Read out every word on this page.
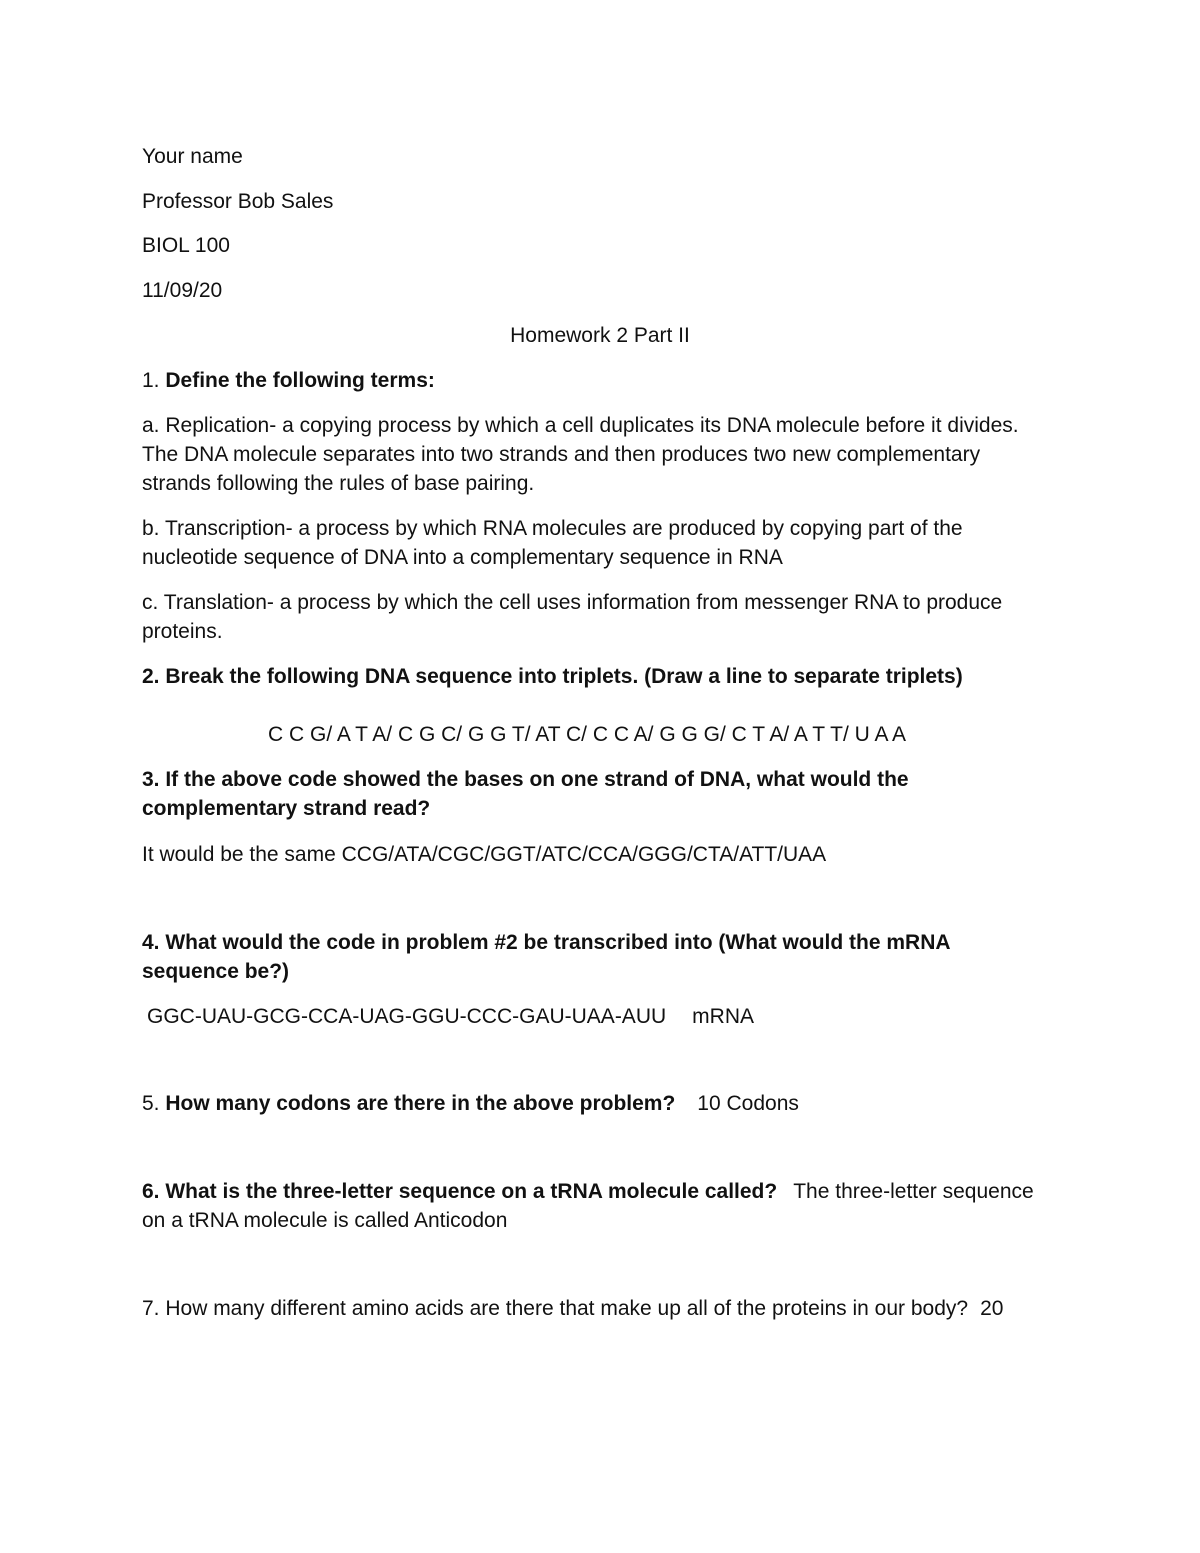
Your name
Professor Bob Sales
BIOL 100
11/09/20
Homework 2 Part II
1. Define the following terms:
a. Replication- a copying process by which a cell duplicates its DNA molecule before it divides. The DNA molecule separates into two strands and then produces two new complementary strands following the rules of base pairing.
b. Transcription- a process by which RNA molecules are produced by copying part of the nucleotide sequence of DNA into a complementary sequence in RNA
c. Translation- a process by which the cell uses information from messenger RNA to produce proteins.
2. Break the following DNA sequence into triplets. (Draw a line to separate triplets)
C C G/ A T A/ C G C/ G G T/ AT C/ C C A/ G G G/ C T A/ A T T/ U A A
3. If the above code showed the bases on one strand of DNA, what would the complementary strand read?
It would be the same CCG/ATA/CGC/GGT/ATC/CCA/GGG/CTA/ATT/UAA
4. What would the code in problem #2 be transcribed into (What would the mRNA sequence be?)
GGC-UAU-GCG-CCA-UAG-GGU-CCC-GAU-UAA-AUU mRNA
5. How many codons are there in the above problem? 10 Codons
6. What is the three-letter sequence on a tRNA molecule called? The three-letter sequence on a tRNA molecule is called Anticodon
7. How many different amino acids are there that make up all of the proteins in our body? 20
